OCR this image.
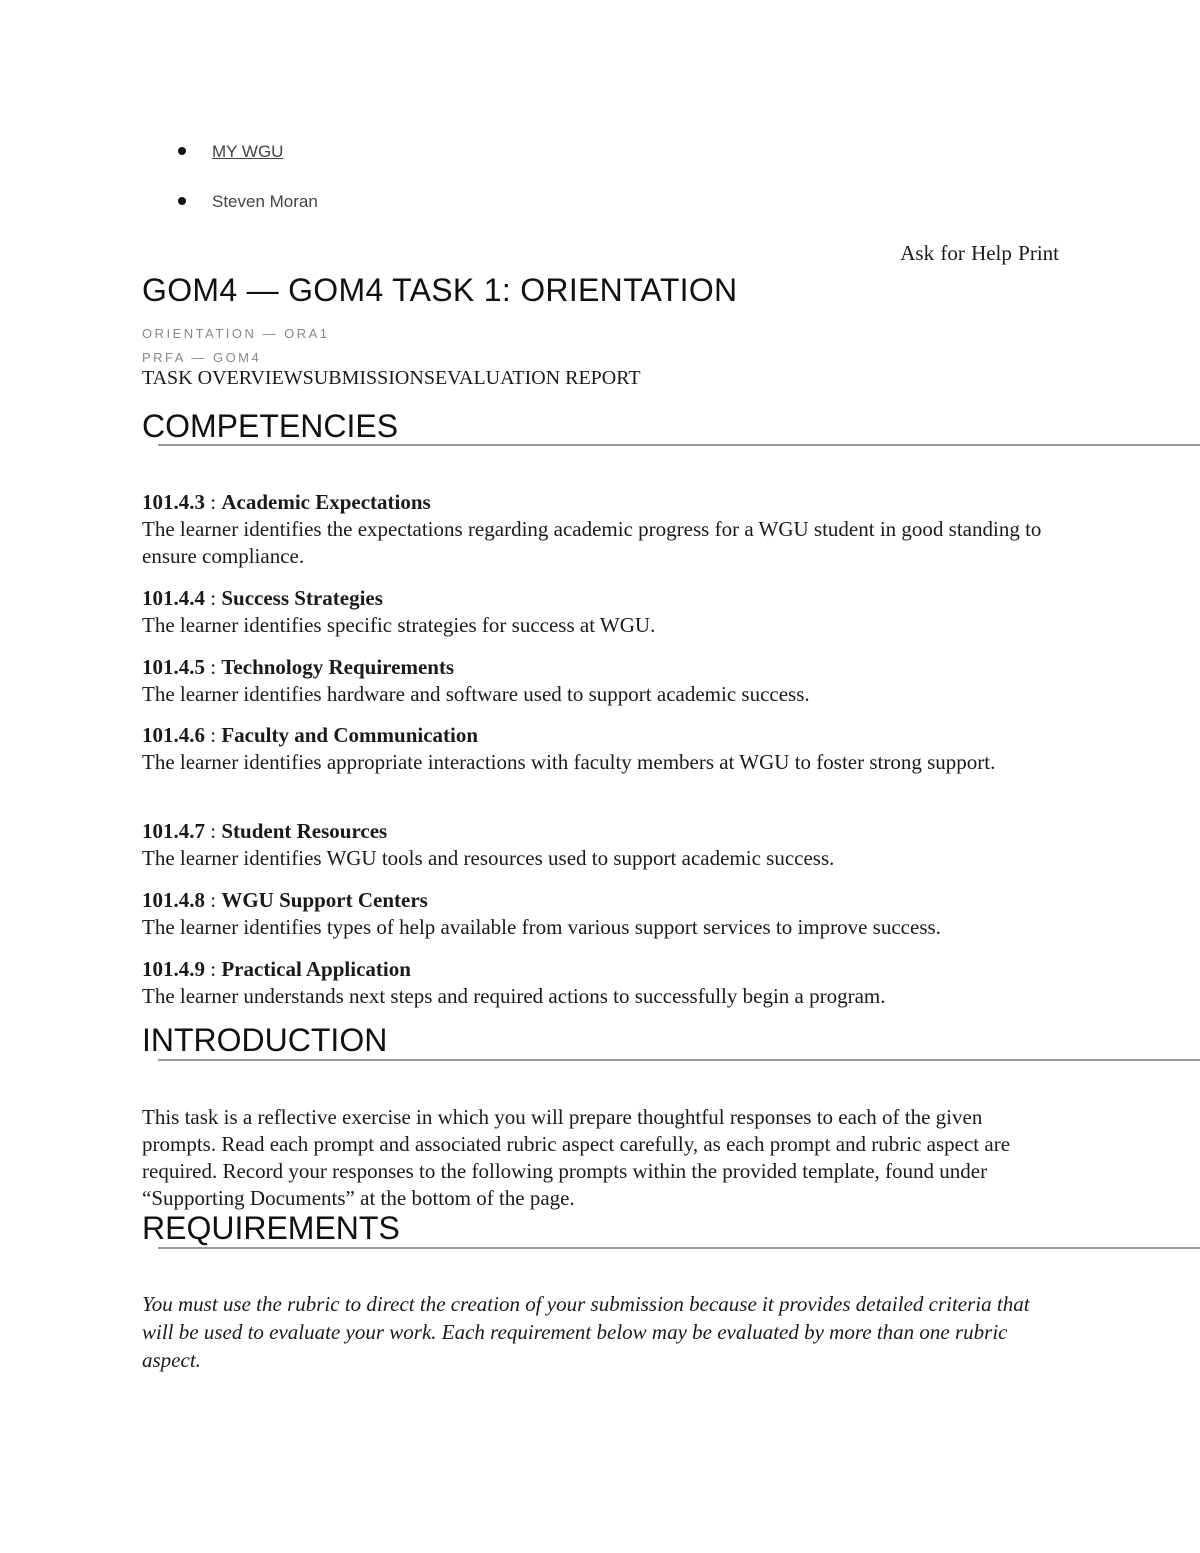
MY WGU
Steven Moran
Ask for Help Print
GOM4 — GOM4 TASK 1: ORIENTATION
ORIENTATION — ORA1
PRFA — GOM4
TASK OVERVIEWSUBMISSIONSEVALUATION REPORT
COMPETENCIES
101.4.3 : Academic Expectations
The learner identifies the expectations regarding academic progress for a WGU student in good standing to ensure compliance.
101.4.4 : Success Strategies
The learner identifies specific strategies for success at WGU.
101.4.5 : Technology Requirements
The learner identifies hardware and software used to support academic success.
101.4.6 : Faculty and Communication
The learner identifies appropriate interactions with faculty members at WGU to foster strong support.
101.4.7 : Student Resources
The learner identifies WGU tools and resources used to support academic success.
101.4.8 : WGU Support Centers
The learner identifies types of help available from various support services to improve success.
101.4.9 : Practical Application
The learner understands next steps and required actions to successfully begin a program.
INTRODUCTION

This task is a reflective exercise in which you will prepare thoughtful responses to each of the given prompts. Read each prompt and associated rubric aspect carefully, as each prompt and rubric aspect are required. Record your responses to the following prompts within the provided template, found under “Supporting Documents” at the bottom of the page.

REQUIREMENTS

You must use the rubric to direct the creation of your submission because it provides detailed criteria that will be used to evaluate your work. Each requirement below may be evaluated by more than one rubric aspect.
